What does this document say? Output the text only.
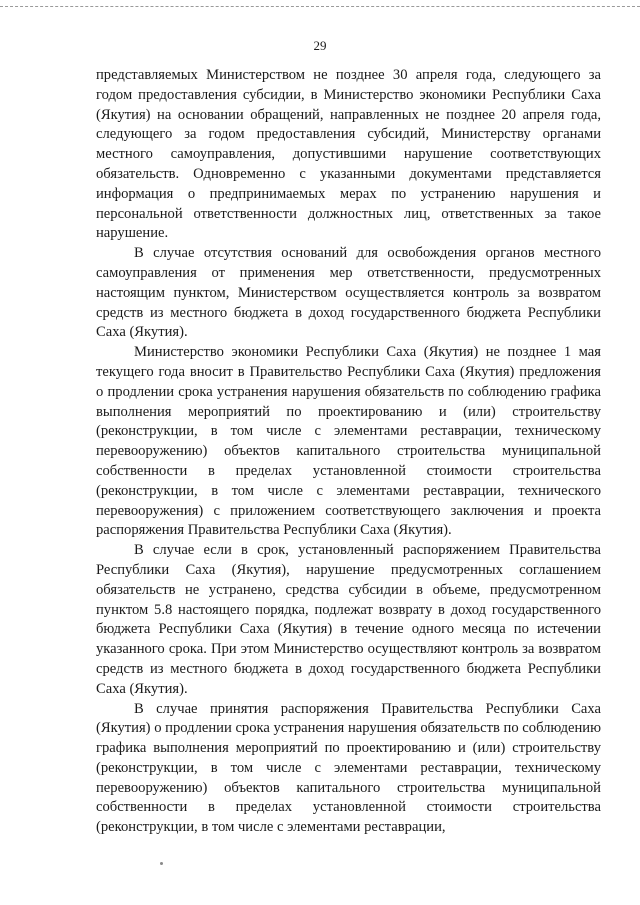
29

представляемых Министерством не позднее 30 апреля года, следующего за годом предоставления субсидии, в Министерство экономики Республики Саха (Якутия) на основании обращений, направленных не позднее 20 апреля года, следующего за годом предоставления субсидий, Министерству органами местного самоуправления, допустившими нарушение соответствующих обязательств. Одновременно с указанными документами представляется информация о предпринимаемых мерах по устранению нарушения и персональной ответственности должностных лиц, ответственных за такое нарушение.

В случае отсутствия оснований для освобождения органов местного самоуправления от применения мер ответственности, предусмотренных настоящим пунктом, Министерством осуществляется контроль за возвратом средств из местного бюджета в доход государственного бюджета Республики Саха (Якутия).

Министерство экономики Республики Саха (Якутия) не позднее 1 мая текущего года вносит в Правительство Республики Саха (Якутия) предложения о продлении срока устранения нарушения обязательств по соблюдению графика выполнения мероприятий по проектированию и (или) строительству (реконструкции, в том числе с элементами реставрации, техническому перевооружению) объектов капитального строительства муниципальной собственности в пределах установленной стоимости строительства (реконструкции, в том числе с элементами реставрации, технического перевооружения) с приложением соответствующего заключения и проекта распоряжения Правительства Республики Саха (Якутия).

В случае если в срок, установленный распоряжением Правительства Республики Саха (Якутия), нарушение предусмотренных соглашением обязательств не устранено, средства субсидии в объеме, предусмотренном пунктом 5.8 настоящего порядка, подлежат возврату в доход государственного бюджета Республики Саха (Якутия) в течение одного месяца по истечении указанного срока. При этом Министерство осуществляют контроль за возвратом средств из местного бюджета в доход государственного бюджета Республики Саха (Якутия).

В случае принятия распоряжения Правительства Республики Саха (Якутия) о продлении срока устранения нарушения обязательств по соблюдению графика выполнения мероприятий по проектированию и (или) строительству (реконструкции, в том числе с элементами реставрации, техническому перевооружению) объектов капитального строительства муниципальной собственности в пределах установленной стоимости строительства (реконструкции, в том числе с элементами реставрации,
